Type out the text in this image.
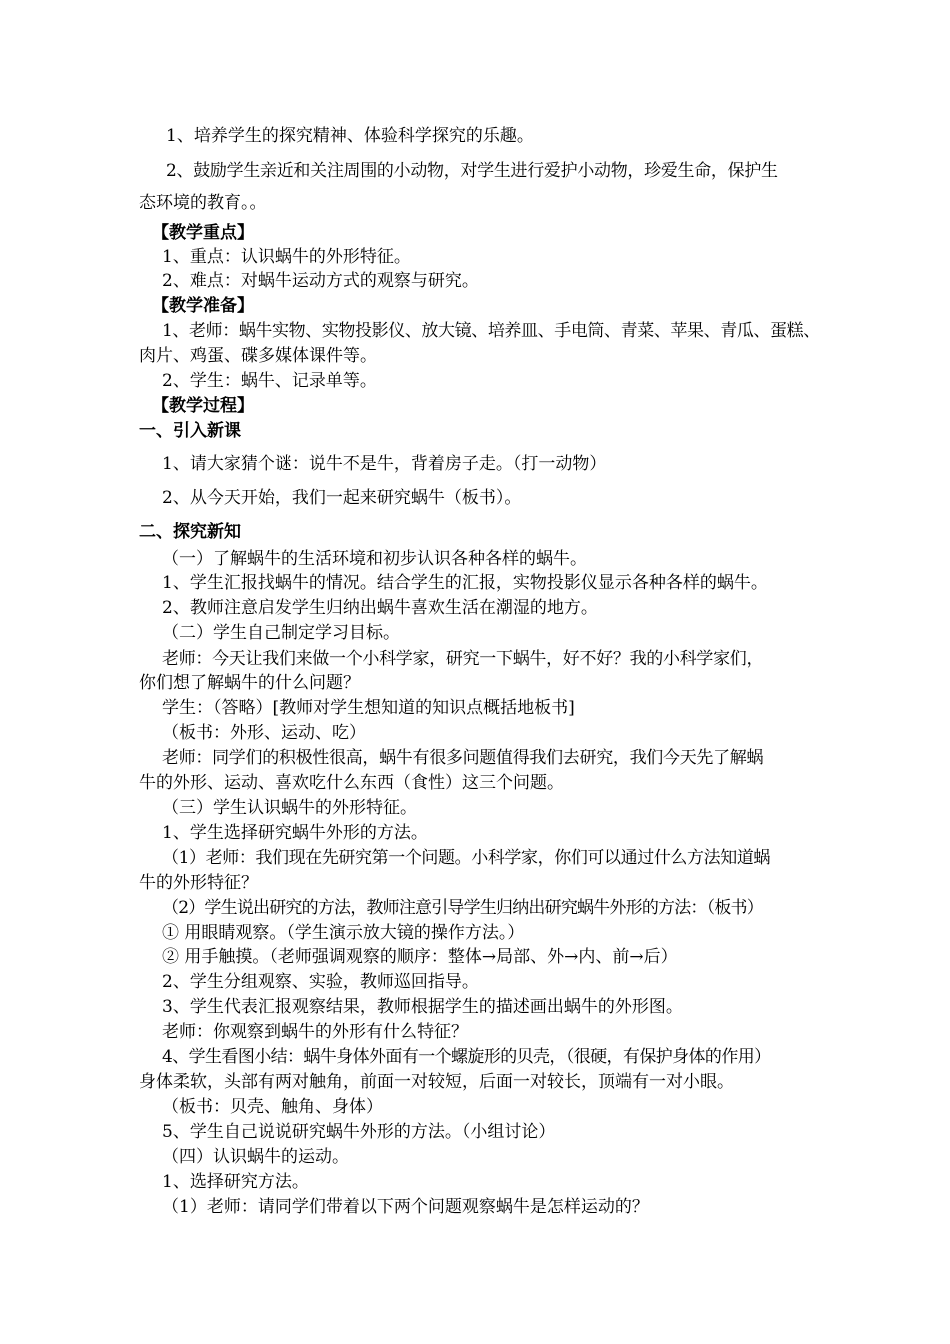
1、培养学生的探究精神、体验科学探究的乐趣。
2、鼓励学生亲近和关注周围的小动物，对学生进行爱护小动物，珍爱生命，保护生
态环境的教育。。
【教学重点】
1、重点：认识蜗牛的外形特征。
2、难点：对蜗牛运动方式的观察与研究。
【教学准备】
1、老师：蜗牛实物、实物投影仪、放大镜、培养皿、手电筒、青菜、苹果、青瓜、蛋糕、
肉片、鸡蛋、碟多媒体课件等。
2、学生：蜗牛、记录单等。
【教学过程】
一、引入新课
1、请大家猜个谜：说牛不是牛，背着房子走。（打一动物）
2、从今天开始，我们一起来研究蜗牛（板书）。
二、探究新知
（一）了解蜗牛的生活环境和初步认识各种各样的蜗牛。
1、学生汇报找蜗牛的情况。结合学生的汇报，实物投影仪显示各种各样的蜗牛。
2、教师注意启发学生归纳出蜗牛喜欢生活在潮湿的地方。
（二）学生自己制定学习目标。
老师：今天让我们来做一个小科学家，研究一下蜗牛，好不好？我的小科学家们，
你们想了解蜗牛的什么问题？
学生：（答略）[教师对学生想知道的知识点概括地板书]
（板书：外形、运动、吃）
老师：同学们的积极性很高，蜗牛有很多问题值得我们去研究，我们今天先了解蜗
牛的外形、运动、喜欢吃什么东西（食性）这三个问题。
（三）学生认识蜗牛的外形特征。
1、学生选择研究蜗牛外形的方法。
（1）老师：我们现在先研究第一个问题。小科学家，你们可以通过什么方法知道蜗
牛的外形特征？
（2）学生说出研究的方法，教师注意引导学生归纳出研究蜗牛外形的方法：（板书）
① 用眼睛观察。（学生演示放大镜的操作方法。）
② 用手触摸。（老师强调观察的顺序：整体→局部、外→内、前→后）
2、学生分组观察、实验，教师巡回指导。
3、学生代表汇报观察结果，教师根据学生的描述画出蜗牛的外形图。
老师：你观察到蜗牛的外形有什么特征？
4、学生看图小结：蜗牛身体外面有一个螺旋形的贝壳，（很硬，有保护身体的作用）
身体柔软，头部有两对触角，前面一对较短，后面一对较长，顶端有一对小眼。
（板书：贝壳、触角、身体）
5、学生自己说说研究蜗牛外形的方法。（小组讨论）
（四）认识蜗牛的运动。
1、选择研究方法。
（1）老师：请同学们带着以下两个问题观察蜗牛是怎样运动的？
